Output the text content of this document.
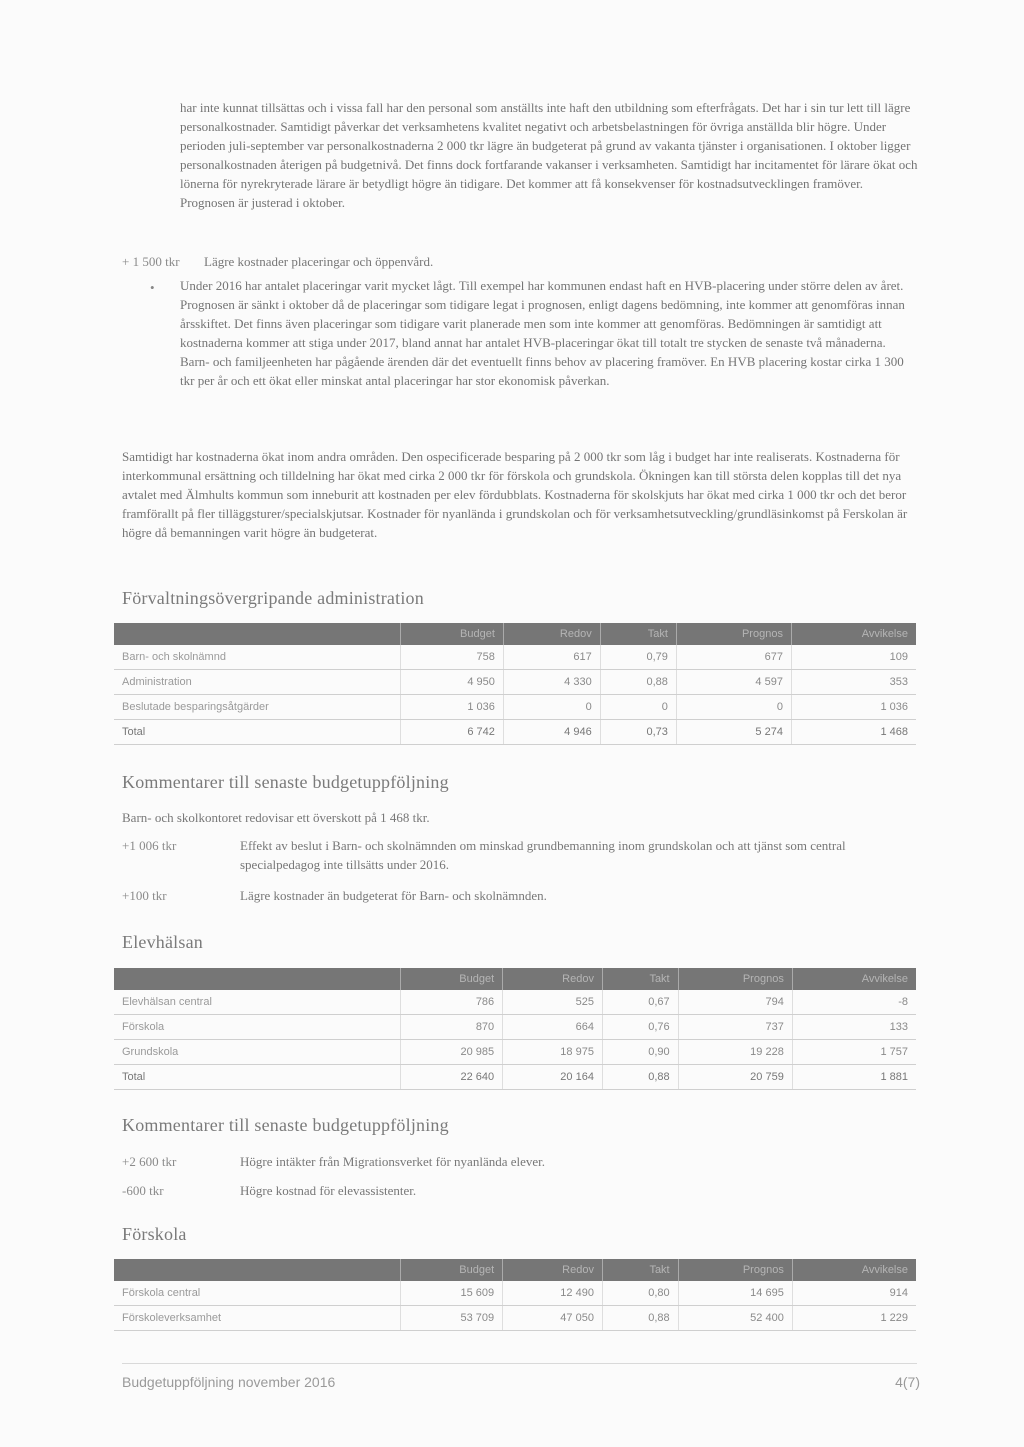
har inte kunnat tillsättas och i vissa fall har den personal som anställts inte haft den utbildning som efterfrågats. Det har i sin tur lett till lägre personalkostnader. Samtidigt påverkar det verksamhetens kvalitet negativt och arbetsbelastningen för övriga anställda blir högre. Under perioden juli-september var personalkostnaderna 2 000 tkr lägre än budgeterat på grund av vakanta tjänster i organisationen. I oktober ligger personalkostnaden återigen på budgetnivå. Det finns dock fortfarande vakanser i verksamheten. Samtidigt har incitamentet för lärare ökat och lönerna för nyrekryterade lärare är betydligt högre än tidigare. Det kommer att få konsekvenser för kostnadsutvecklingen framöver. Prognosen är justerad i oktober.

+ 1 500 tkr Lägre kostnader placeringar och öppenvård.
• Under 2016 har antalet placeringar varit mycket lågt. Till exempel har kommunen endast haft en HVB-placering under större delen av året. Prognosen är sänkt i oktober då de placeringar som tidigare legat i prognosen, enligt dagens bedömning, inte kommer att genomföras innan årsskiftet. Det finns även placeringar som tidigare varit planerade men som inte kommer att genomföras. Bedömningen är samtidigt att kostnaderna kommer att stiga under 2017, bland annat har antalet HVB-placeringar ökat till totalt tre stycken de senaste två månaderna. Barn- och familjeenheten har pågående ärenden där det eventuellt finns behov av placering framöver. En HVB placering kostar cirka 1 300 tkr per år och ett ökat eller minskat antal placeringar har stor ekonomisk påverkan.

Samtidigt har kostnaderna ökat inom andra områden. Den ospecificerade besparing på 2 000 tkr som låg i budget har inte realiserats. Kostnaderna för interkommunal ersättning och tilldelning har ökat med cirka 2 000 tkr för förskola och grundskola. Ökningen kan till största delen kopplas till det nya avtalet med Älmhults kommun som inneburit att kostnaden per elev fördubblats. Kostnaderna för skolskjuts har ökat med cirka 1 000 tkr och det beror framförallt på fler tilläggsturer/specialskjutsar. Kostnader för nyanlända i grundskolan och för verksamhetsutveckling/grundläsinkomst på Ferskolan är högre då bemanningen varit högre än budgeterat.

Förvaltningsövergripande administration
	Budget	Redov	Takt	Prognos	Avvikelse
Barn- och skolnämnd	758	617	0,79	677	109
Administration	4 950	4 330	0,88	4 597	353
Beslutade besparingsåtgärder	1 036	0	0	0	1 036
Total	6 742	4 946	0,73	5 274	1 468
Kommentarer till senaste budgetuppföljning
Barn- och skolkontoret redovisar ett överskott på 1 468 tkr.
+1 006 tkr	Effekt av beslut i Barn- och skolnämnden om minskad grundbemanning inom grundskolan och att tjänst som central specialpedagog inte tillsätts under 2016.
+100 tkr	Lägre kostnader än budgeterat för Barn- och skolnämnden.
Elevhälsan
	Budget	Redov	Takt	Prognos	Avvikelse
Elevhälsan central	786	525	0,67	794	-8
Förskola	870	664	0,76	737	133
Grundskola	20 985	18 975	0,90	19 228	1 757
Total	22 640	20 164	0,88	20 759	1 881
Kommentarer till senaste budgetuppföljning
+2 600 tkr	Högre intäkter från Migrationsverket för nyanlända elever.
-600 tkr	Högre kostnad för elevassistenter.
Förskola
	Budget	Redov	Takt	Prognos	Avvikelse
Förskola central	15 609	12 490	0,80	14 695	914
Förskoleverksamhet	53 709	47 050	0,88	52 400	1 229
Budgetuppföljning november 2016	4(7)
